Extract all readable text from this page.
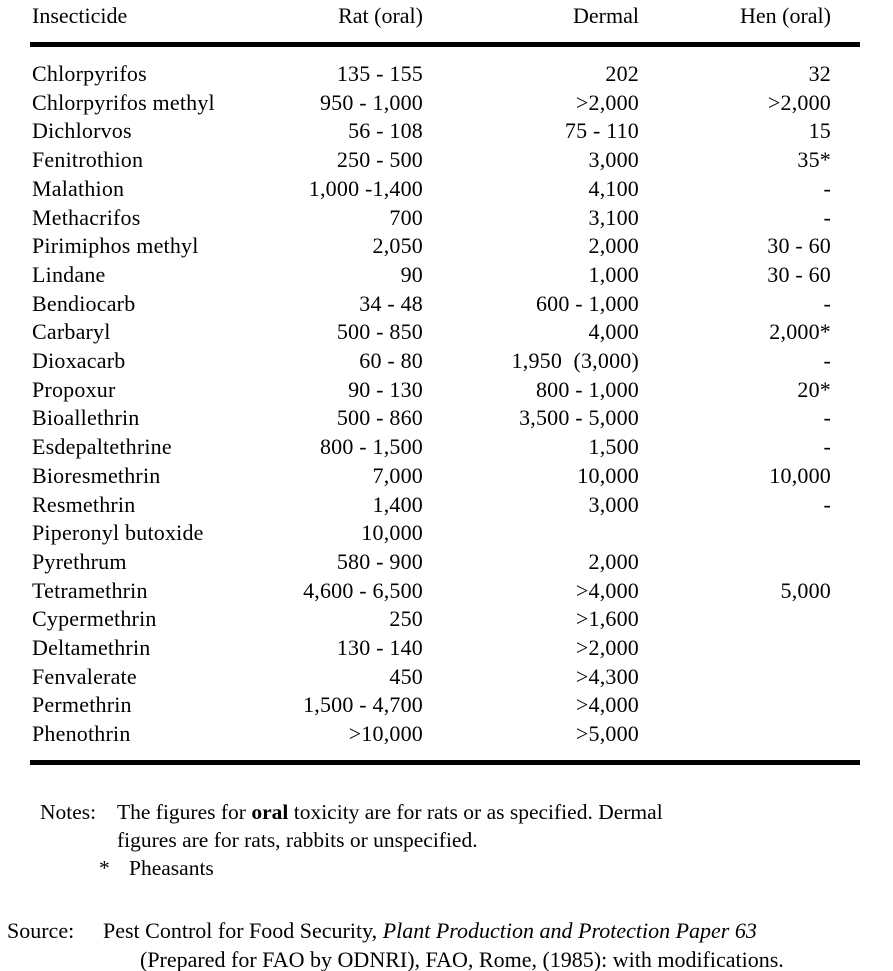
Insecticide	Rat (oral)	Dermal	Hen (oral)
Chlorpyrifos	135 - 155	202	32
Chlorpyrifos methyl	950 - 1,000	>2,000	>2,000
Dichlorvos	56 - 108	75 - 110	15
Fenitrothion	250 - 500	3,000	35*
Malathion	1,000 -1,400	4,100	-
Methacrifos	700	3,100	-
Pirimiphos methyl	2,050	2,000	30 - 60
Lindane	90	1,000	30 - 60
Bendiocarb	34 - 48	600 - 1,000	-
Carbaryl	500 - 850	4,000	2,000*
Dioxacarb	60 - 80	1,950  (3,000)	-
Propoxur	90 - 130	800 - 1,000	20*
Bioallethrin	500 - 860	3,500 - 5,000	-
Esdepaltethrine	800 - 1,500	1,500	-
Bioresmethrin	7,000	10,000	10,000
Resmethrin	1,400	3,000	-
Piperonyl butoxide	10,000		
Pyrethrum	580 - 900	2,000	
Tetramethrin	4,600 - 6,500	>4,000	5,000
Cypermethrin	250	>1,600	
Deltamethrin	130 - 140	>2,000	
Fenvalerate	450	>4,300	
Permethrin	1,500 - 4,700	>4,000	
Phenothrin	>10,000	>5,000	
Notes: The figures for oral toxicity are for rats or as specified. Dermal
figures are for rats, rabbits or unspecified.
* Pheasants
Source:	Pest Control for Food Security, Plant Production and Protection Paper 63
(Prepared for FAO by ODNRI), FAO, Rome, (1985): with modifications.
